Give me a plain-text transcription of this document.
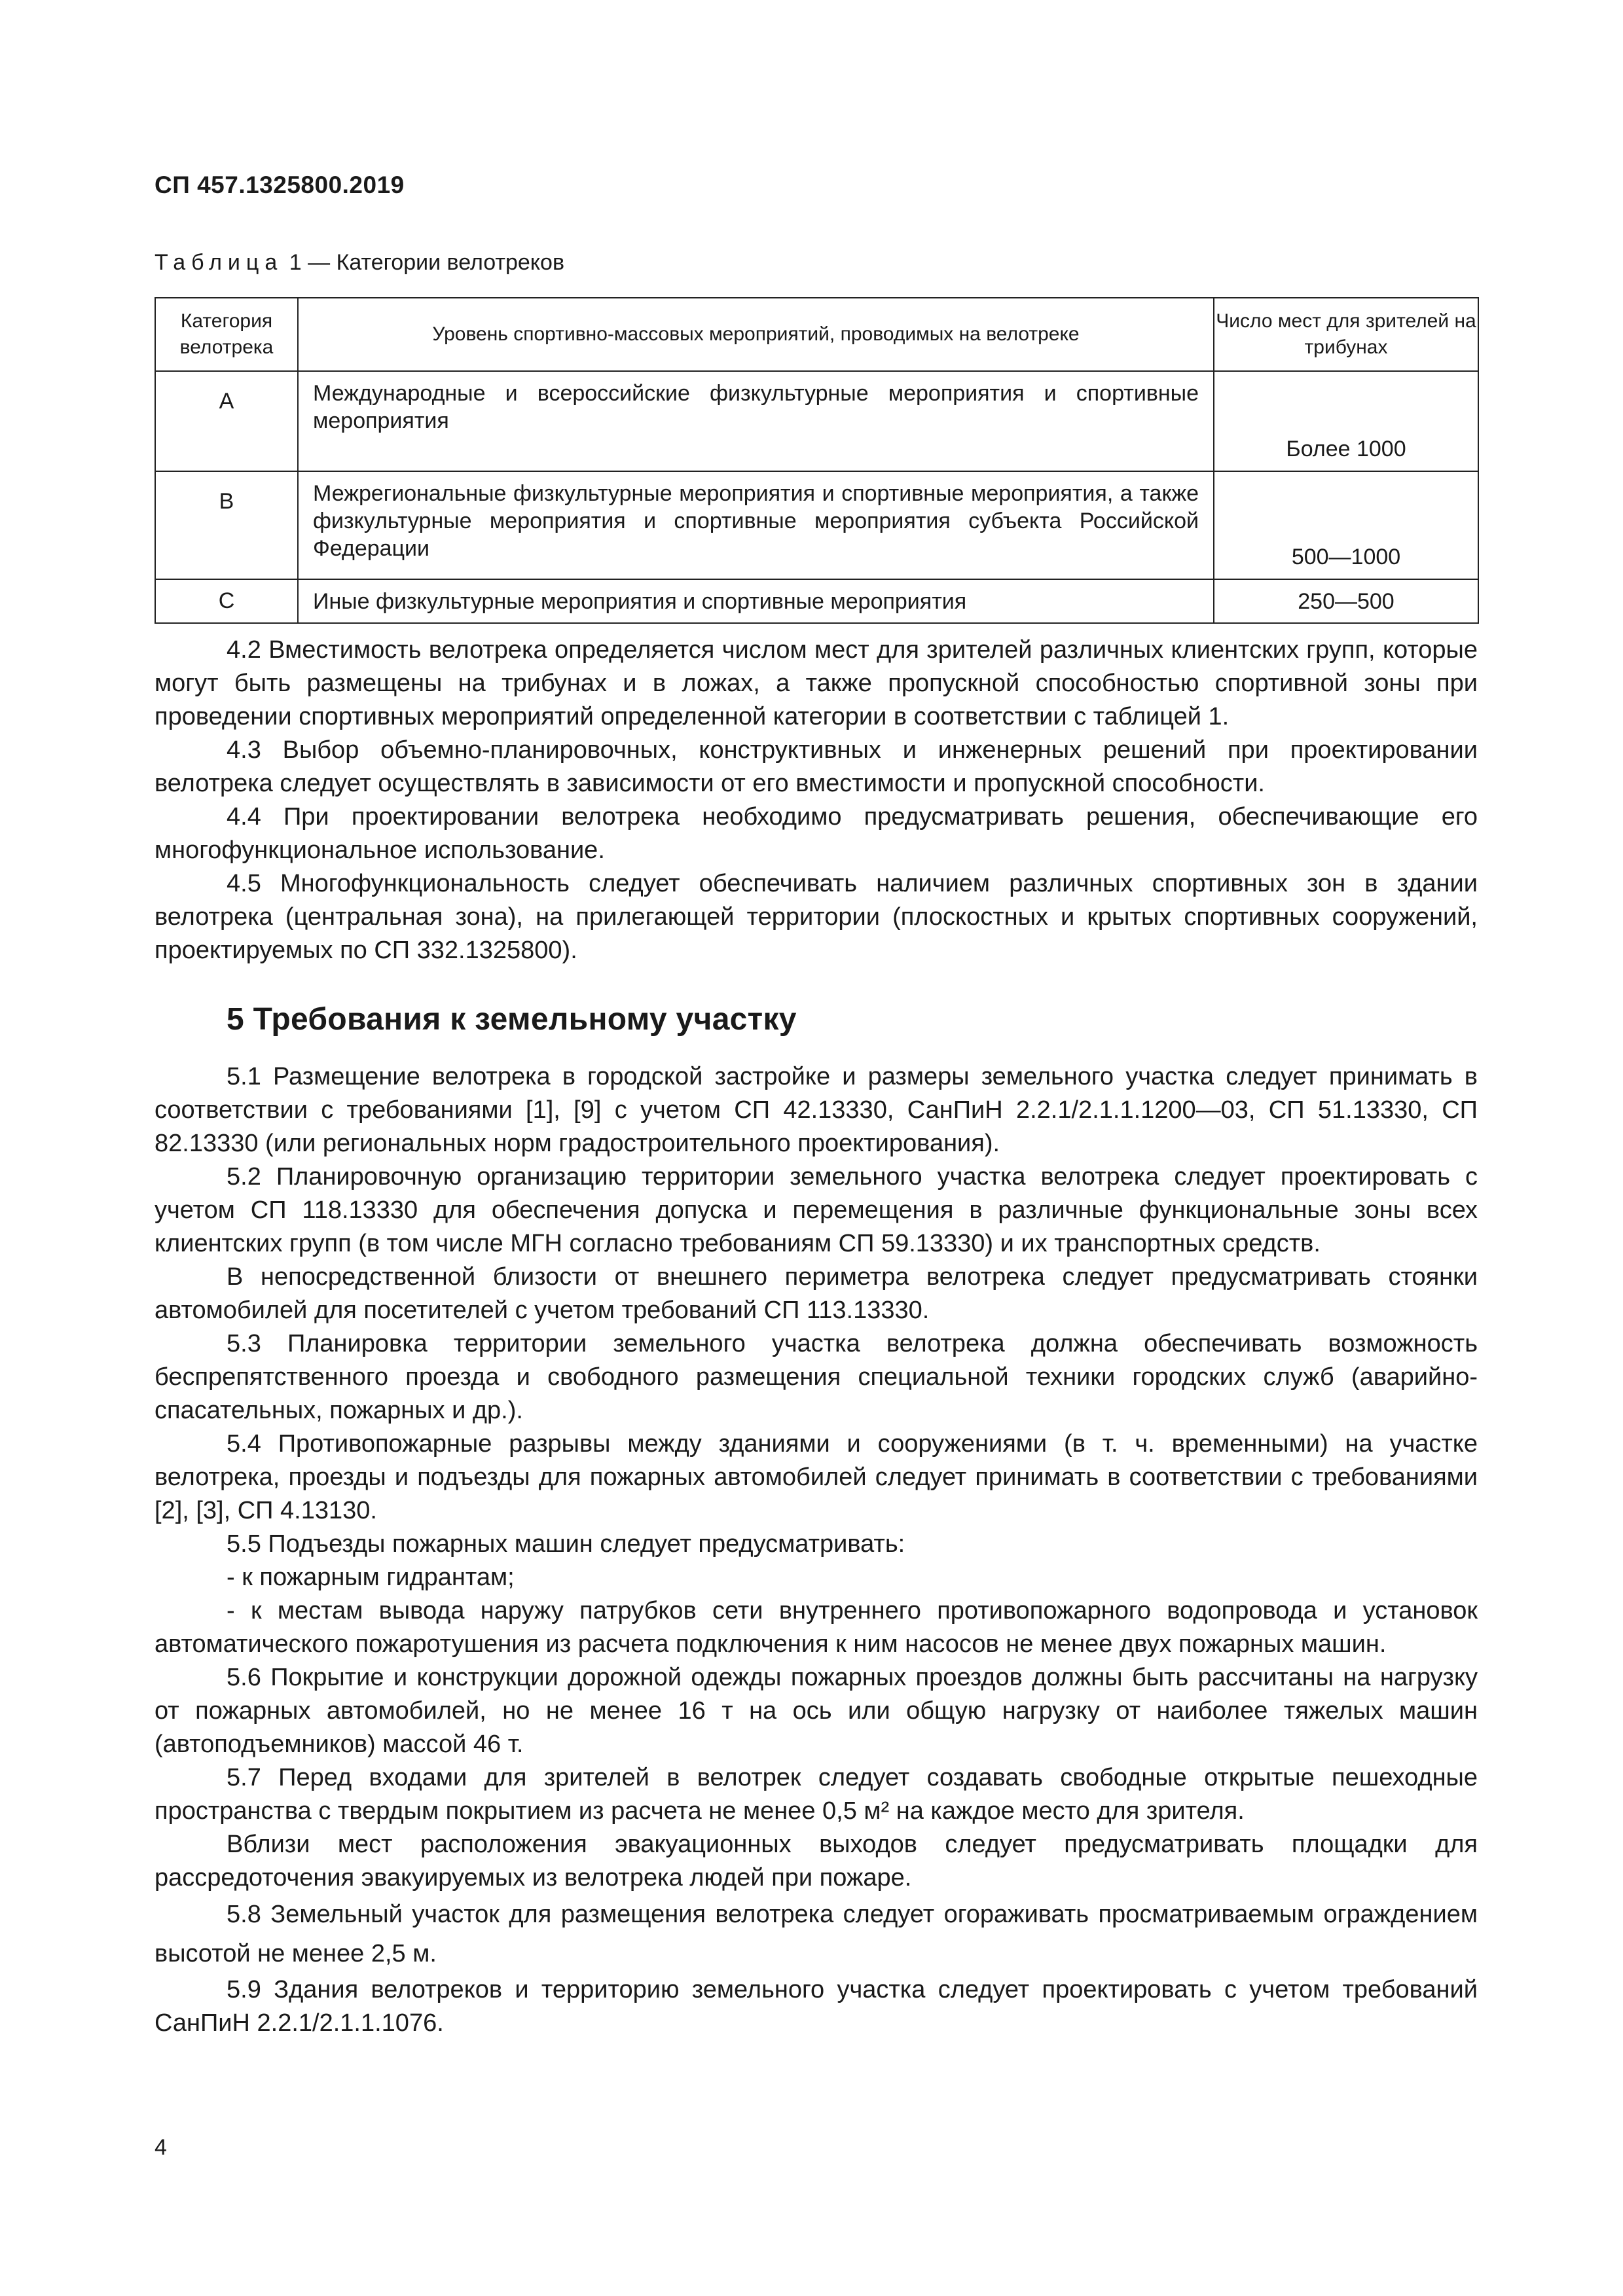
СП 457.1325800.2019
Таблица 1 — Категории велотреков
Категория велотрека	Уровень спортивно-массовых мероприятий, проводимых на велотреке	Число мест для зрителей на трибунах
А	Международные и всероссийские физкультурные мероприятия и спортивные мероприятия	Более 1000
В	Межрегиональные физкультурные мероприятия и спортивные мероприятия, а также физкультурные мероприятия и спортивные мероприятия субъекта Российской Федерации	500—1000
С	Иные физкультурные мероприятия и спортивные мероприятия	250—500

4.2 Вместимость велотрека определяется числом мест для зрителей различных клиентских групп, которые могут быть размещены на трибунах и в ложах, а также пропускной способностью спортивной зоны при проведении спортивных мероприятий определенной категории в соответствии с таблицей 1.

4.3 Выбор объемно-планировочных, конструктивных и инженерных решений при проектировании велотрека следует осуществлять в зависимости от его вместимости и пропускной способности.

4.4 При проектировании велотрека необходимо предусматривать решения, обеспечивающие его многофункциональное использование.

4.5 Многофункциональность следует обеспечивать наличием различных спортивных зон в здании велотрека (центральная зона), на прилегающей территории (плоскостных и крытых спортивных сооружений, проектируемых по СП 332.1325800).

5 Требования к земельному участку

5.1 Размещение велотрека в городской застройке и размеры земельного участка следует принимать в соответствии с требованиями [1], [9] с учетом СП 42.13330, СанПиН 2.2.1/2.1.1.1200—03, СП 51.13330, СП 82.13330 (или региональных норм градостроительного проектирования).

5.2 Планировочную организацию территории земельного участка велотрека следует проектировать с учетом СП 118.13330 для обеспечения допуска и перемещения в различные функциональные зоны всех клиентских групп (в том числе МГН согласно требованиям СП 59.13330) и их транспортных средств.

В непосредственной близости от внешнего периметра велотрека следует предусматривать стоянки автомобилей для посетителей с учетом требований СП 113.13330.

5.3 Планировка территории земельного участка велотрека должна обеспечивать возможность беспрепятственного проезда и свободного размещения специальной техники городских служб (аварийно-спасательных, пожарных и др.).

5.4 Противопожарные разрывы между зданиями и сооружениями (в т. ч. временными) на участке велотрека, проезды и подъезды для пожарных автомобилей следует принимать в соответствии с требованиями [2], [3], СП 4.13130.

5.5 Подъезды пожарных машин следует предусматривать:

- к пожарным гидрантам;

- к местам вывода наружу патрубков сети внутреннего противопожарного водопровода и установок автоматического пожаротушения из расчета подключения к ним насосов не менее двух пожарных машин.

5.6 Покрытие и конструкции дорожной одежды пожарных проездов должны быть рассчитаны на нагрузку от пожарных автомобилей, но не менее 16 т на ось или общую нагрузку от наиболее тяжелых машин (автоподъемников) массой 46 т.

5.7 Перед входами для зрителей в велотрек следует создавать свободные открытые пешеходные пространства с твердым покрытием из расчета не менее 0,5 м² на каждое место для зрителя.

Вблизи мест расположения эвакуационных выходов следует предусматривать площадки для рассредоточения эвакуируемых из велотрека людей при пожаре.

5.8 Земельный участок для размещения велотрека следует огораживать просматриваемым ограждением высотой не менее 2,5 м.

5.9 Здания велотреков и территорию земельного участка следует проектировать с учетом требований СанПиН 2.2.1/2.1.1.1076.

4
